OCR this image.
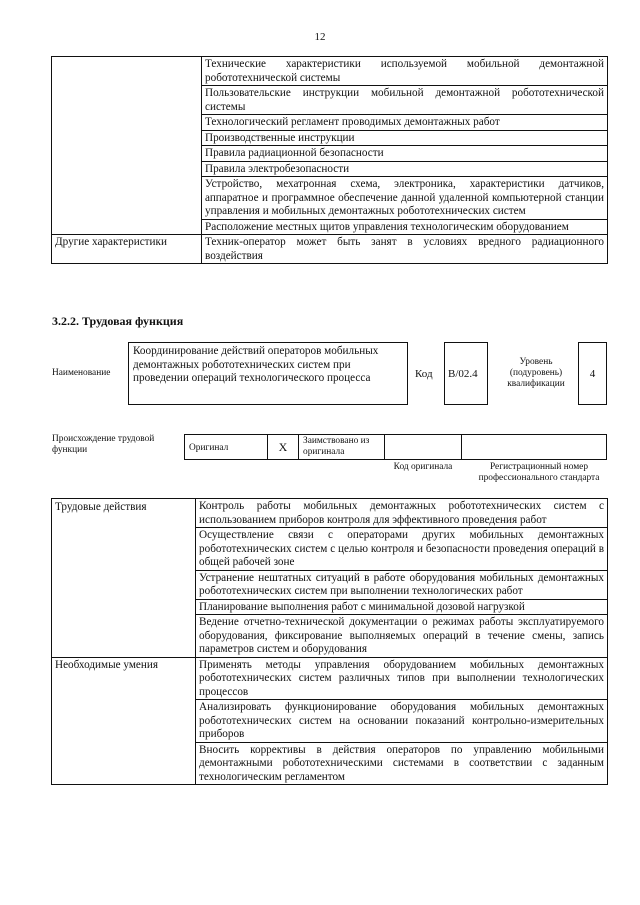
12
	Технические характеристики используемой мобильной демонтажной робототехнической системы
	Пользовательские инструкции мобильной демонтажной робототехнической системы
	Технологический регламент проводимых демонтажных работ
	Производственные инструкции
	Правила радиационной безопасности
	Правила электробезопасности
	Устройство, мехатронная схема, электроника, характеристики датчиков, аппаратное и программное обеспечение данной удаленной компьютерной станции управления и мобильных демонтажных робототехнических систем
	Расположение местных щитов управления технологическим оборудованием
Другие характеристики	Техник-оператор может быть занят в условиях вредного радиационного воздействия
3.2.2. Трудовая функция
Наименование
Координирование действий операторов мобильных демонтажных робототехнических систем при проведении операций технологического процесса	Код	B/02.4
Уровень (подуровень) квалификации
4
Происхождение трудовой функции	Оригинал	X	Заимствовано из оригинала
Код оригинала	Регистрационный номер профессионального стандарта
Трудовые действия	Контроль работы мобильных демонтажных робототехнических систем с использованием приборов контроля для эффективного проведения работ
	Осуществление связи с операторами других мобильных демонтажных робототехнических систем с целью контроля и безопасности проведения операций в общей рабочей зоне
	Устранение нештатных ситуаций в работе оборудования мобильных демонтажных робототехнических систем при выполнении технологических работ
	Планирование выполнения работ с минимальной дозовой нагрузкой
	Ведение отчетно-технической документации о режимах работы эксплуатируемого оборудования, фиксирование выполняемых операций в течение смены, запись параметров систем и оборудования
Необходимые умения	Применять методы управления оборудованием мобильных демонтажных робототехнических систем различных типов при выполнении технологических процессов
	Анализировать функционирование оборудования мобильных демонтажных робототехнических систем на основании показаний контрольно-измерительных приборов
	Вносить коррективы в действия операторов по управлению мобильными демонтажными робототехническими системами в соответствии с заданным технологическим регламентом
